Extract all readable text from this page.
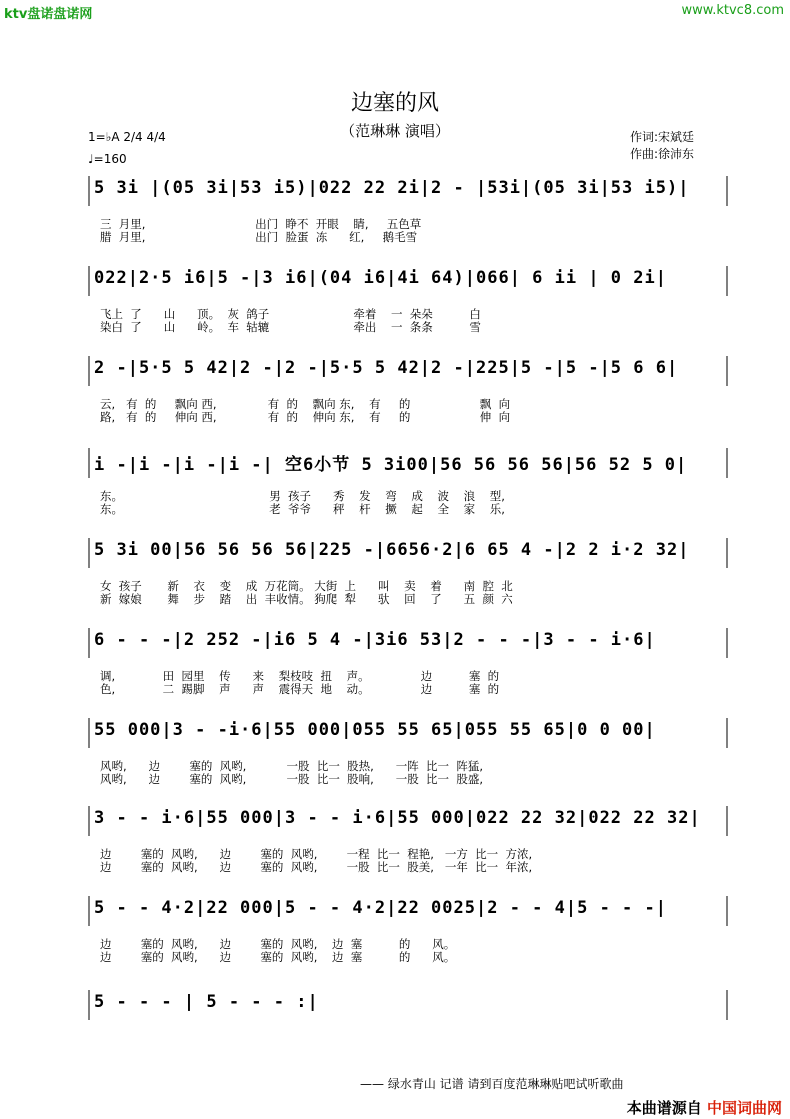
ktv盘诺盘诺网	www.ktvc8.com
边塞的风
（范琳琳 演唱）
1=♭A 2/4 4/4
♩=160
作词:宋斌廷
作曲:徐沛东
5 3i |(05 3i|53 i5)|022 22 2i|2 - |53i|(05 3i|53 i5)|
三  月里,                              出门  睁不  开眼    睛,     五色草
腊  月里,                              出门  脸蛋  冻      红,     鹅毛雪
022|2·5 i6|5 -|3 i6|(04 i6|4i 64)|066| 6 ii | 0 2i|
飞上  了      山      顶。  灰  鸽子                       牵着    一  朵朵          白
染白  了      山      岭。  车  轱辘                       牵出    一  条条          雪
2 -|5·5 5 42|2 -|2 -|5·5 5 42|2 -|225|5 -|5 -|5 6 6|
云,   有  的     飘向 西,              有  的    飘向 东,    有     的                   飘  向
路,   有  的     伸向 西,              有  的    伸向 东,    有     的                   伸  向
i -|i -|i -|i -| 空6小节 5 3i00|56 56 56 56|56 52 5 0|
东。                                        男  孩子      秀    发    弯    成    波    浪    型,
东。                                        老  爷爷      秤    杆    撅    起    全    家    乐,
5 3i 00|56 56 56 56|225 -|6656·2|6 65 4 -|2 2 i·2 32|
女  孩子       新    衣    变    成  万花筒。 大街  上      叫    卖    着      南  腔  北
新  嫁娘       舞    步    踏    出  丰收情。 狗爬  犁      驮    回    了      五  颜  六
6 - - -|2 252 -|i6 5 4 -|3i6 53|2 - - -|3 - - i·6|
调,             田  园里    传      来    梨枝吱  扭    声。              边          塞  的
色,             二  踢脚    声      声    震得天  地    动。              边          塞  的
55 000|3 - -i·6|55 000|055 55 65|055 55 65|0 0 00|
风哟,      边        塞的  风哟,           一股  比一  股热,      一阵  比一  阵猛,
风哟,      边        塞的  风哟,           一股  比一  股响,      一股  比一  股盛,
3 - - i·6|55 000|3 - - i·6|55 000|022 22 32|022 22 32|
边        塞的  风哟,      边        塞的  风哟,        一程  比一  程艳,   一方  比一  方浓,
边        塞的  风哟,      边        塞的  风哟,        一股  比一  股美,   一年  比一  年浓,
5 - - 4·2|22 000|5 - - 4·2|22 0025|2 - - 4|5 - - -|
边        塞的  风哟,      边        塞的  风哟,    边  塞          的      风。
边        塞的  风哟,      边        塞的  风哟,    边  塞          的      风。
5 - - - | 5 - - - :|
—— 绿水青山 记谱 请到百度范琳琳贴吧试听歌曲
本曲谱源自 中国词曲网
